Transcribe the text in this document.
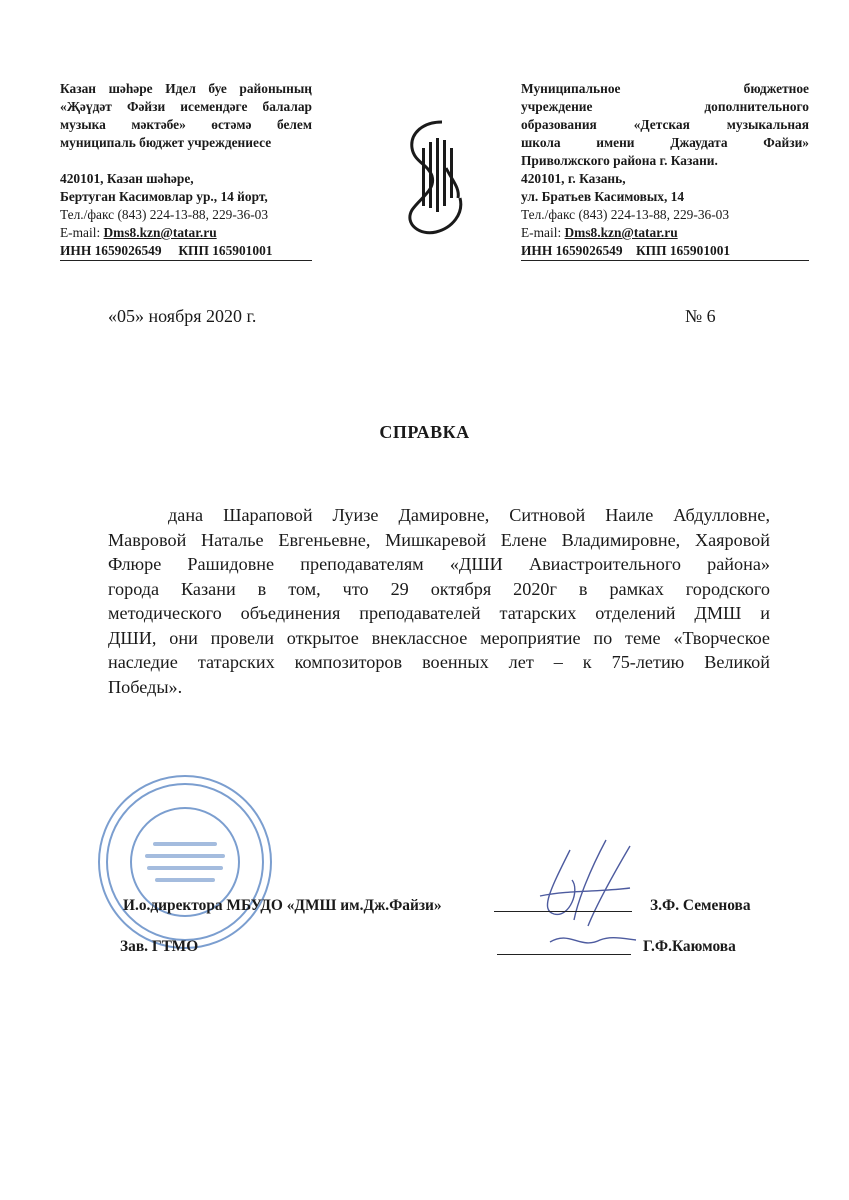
Казан шәһәре Идел буе районының
«Җәүдәт Фәйзи исемендәге балалар
музыка мәктәбе» өстәмә белем
муниципаль бюджет учреждениесе
420101, Казан шәһәре,
Бертуган Касимовлар ур., 14 йорт,
Тел./факс (843) 224-13-88, 229-36-03
E-mail: Dms8.kzn@tatar.ru
ИНН 1659026549 КПП 165901001
Муниципальное бюджетное
учреждение дополнительного
образования «Детская музыкальная
школа имени Джаудата Файзи»
Приволжского района г. Казани.
420101, г. Казань,
ул. Братьев Касимовых, 14
Тел./факс (843) 224-13-88, 229-36-03
E-mail: Dms8.kzn@tatar.ru
ИНН 1659026549 КПП 165901001
«05» ноября 2020 г.	№ 6
СПРАВКА
дана Шараповой Луизе Дамировне, Ситновой Наиле Абдулловне,
Мавровой Наталье Евгеньевне, Мишкаревой Елене Владимировне, Хаяровой
Флюре Рашидовне преподавателям «ДШИ Авиастроительного района»
города Казани в том, что 29 октября 2020г в рамках городского
методического объединения преподавателей татарских отделений ДМШ и
ДШИ, они провели открытое внеклассное мероприятие по теме «Творческое
наследие татарских композиторов военных лет – к 75-летию Великой
Победы».
И.о.директора МБУДО «ДМШ им.Дж.Файзи»	З.Ф. Семенова
Зав. ГТМО	Г.Ф.Каюмова
